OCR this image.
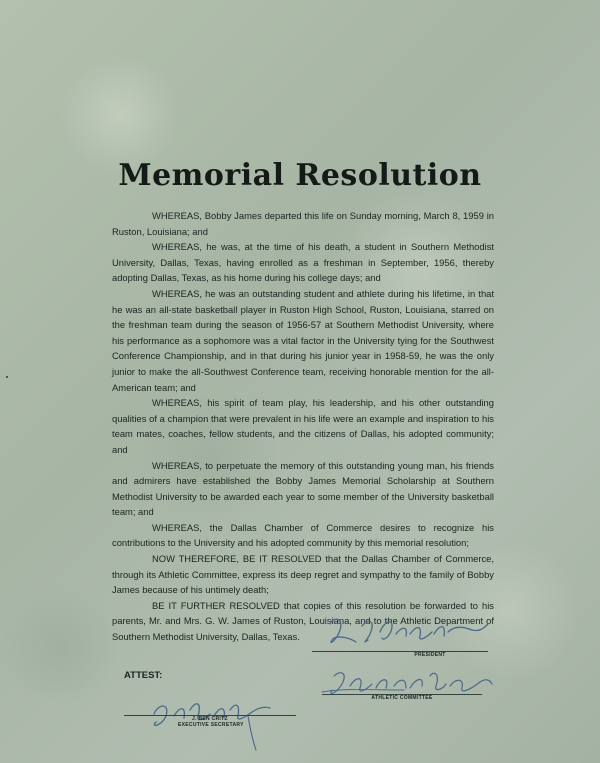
Memorial Resolution

WHEREAS, Bobby James departed this life on Sunday morning, March 8, 1959 in Ruston, Louisiana; and

WHEREAS, he was, at the time of his death, a student in Southern Methodist University, Dallas, Texas, having enrolled as a freshman in September, 1956, thereby adopting Dallas, Texas, as his home during his college days; and

WHEREAS, he was an outstanding student and athlete during his lifetime, in that he was an all-state basketball player in Ruston High School, Ruston, Louisiana, starred on the freshman team during the season of 1956-57 at Southern Methodist University, where his performance as a sophomore was a vital factor in the University tying for the Southwest Conference Championship, and in that during his junior year in 1958-59, he was the only junior to make the all-Southwest Conference team, receiving honorable mention for the all-American team; and

WHEREAS, his spirit of team play, his leadership, and his other outstanding qualities of a champion that were prevalent in his life were an example and inspiration to his team mates, coaches, fellow students, and the citizens of Dallas, his adopted community; and

WHEREAS, to perpetuate the memory of this outstanding young man, his friends and admirers have established the Bobby James Memorial Scholarship at Southern Methodist University to be awarded each year to some member of the University basketball team; and

WHEREAS, the Dallas Chamber of Commerce desires to recognize his contributions to the University and his adopted community by this memorial resolution;

NOW THEREFORE, BE IT RESOLVED that the Dallas Chamber of Commerce, through its Athletic Committee, express its deep regret and sympathy to the family of Bobby James because of his untimely death;

BE IT FURTHER RESOLVED that copies of this resolution be forwarded to his parents, Mr. and Mrs. G. W. James of Ruston, Louisiana, and to the Athletic Department of Southern Methodist University, Dallas, Texas.

PRESIDENT
ATHLETIC COMMITTEE
ATTEST:
J. BEN CRITZ
EXECUTIVE SECRETARY
